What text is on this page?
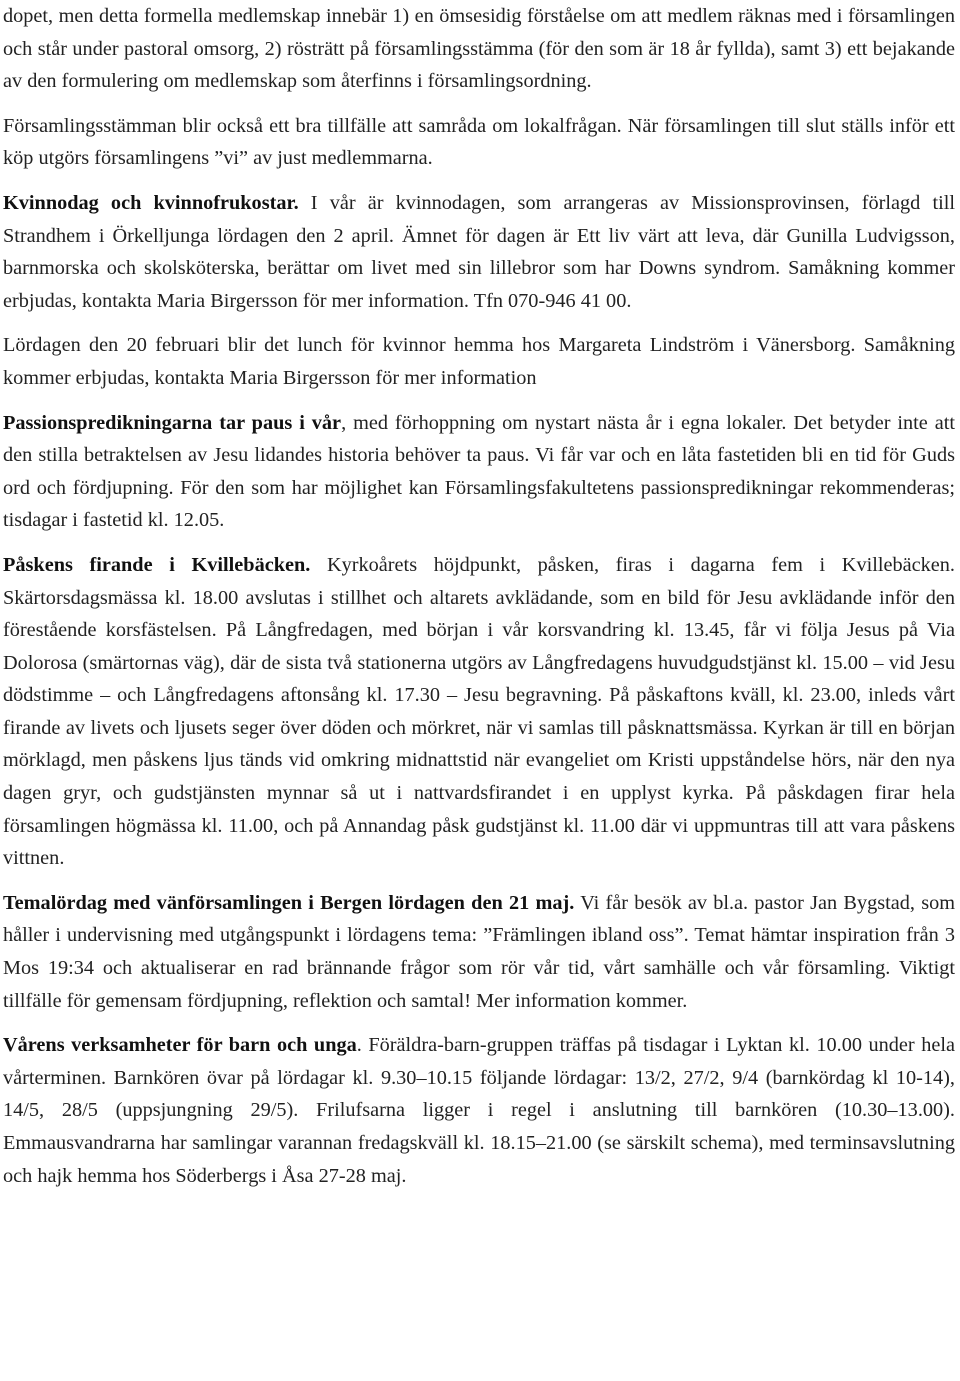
dopet, men detta formella medlemskap innebär 1) en ömsesidig förståelse om att medlem räknas med i församlingen och står under pastoral omsorg, 2) rösträtt på församlingsstämma (för den som är 18 år fyllda), samt 3) ett bejakande av den formulering om medlemskap som återfinns i församlingsordning.

Församlingsstämman blir också ett bra tillfälle att samråda om lokalfrågan. När församlingen till slut ställs inför ett köp utgörs församlingens ”vi” av just medlemmarna.

Kvinnodag och kvinnofrukostar. I vår är kvinnodagen, som arrangeras av Missionsprovinsen, förlagd till Strandhem i Örkelljunga lördagen den 2 april. Ämnet för dagen är Ett liv värt att leva, där Gunilla Ludvigsson, barnmorska och skolsköterska, berättar om livet med sin lillebror som har Downs syndrom. Samåkning kommer erbjudas, kontakta Maria Birgersson för mer information. Tfn 070-946 41 00.

Lördagen den 20 februari blir det lunch för kvinnor hemma hos Margareta Lindström i Vänersborg. Samåkning kommer erbjudas, kontakta Maria Birgersson för mer information

Passionspredikningarna tar paus i vår, med förhoppning om nystart nästa år i egna lokaler. Det betyder inte att den stilla betraktelsen av Jesu lidandes historia behöver ta paus. Vi får var och en låta fastetiden bli en tid för Guds ord och fördjupning. För den som har möjlighet kan Församlingsfakultetens passionspredikningar rekommenderas; tisdagar i fastetid kl. 12.05.

Påskens firande i Kvillebäcken. Kyrkoårets höjdpunkt, påsken, firas i dagarna fem i Kvillebäcken. Skärtorsdagsmässa kl. 18.00 avslutas i stillhet och altarets avklädande, som en bild för Jesu avklädande inför den förestående korsfästelsen. På Långfredagen, med början i vår korsvandring kl. 13.45, får vi följa Jesus på Via Dolorosa (smärtornas väg), där de sista två stationerna utgörs av Långfredagens huvudgudstjänst kl. 15.00 – vid Jesu dödstimme – och Långfredagens aftonsång kl. 17.30 – Jesu begravning. På påskaftons kväll, kl. 23.00, inleds vårt firande av livets och ljusets seger över döden och mörkret, när vi samlas till påsknattsmässa. Kyrkan är till en början mörklagd, men påskens ljus tänds vid omkring midnattstid när evangeliet om Kristi uppståndelse hörs, när den nya dagen gryr, och gudstjänsten mynnar så ut i nattvardsfirandet i en upplyst kyrka. På påskdagen firar hela församlingen högmässa kl. 11.00, och på Annandag påsk gudstjänst kl. 11.00 där vi uppmuntras till att vara påskens vittnen.

Temalördag med vänförsamlingen i Bergen lördagen den 21 maj. Vi får besök av bl.a. pastor Jan Bygstad, som håller i undervisning med utgångspunkt i lördagens tema: ”Främlingen ibland oss”. Temat hämtar inspiration från 3 Mos 19:34 och aktualiserar en rad brännande frågor som rör vår tid, vårt samhälle och vår församling. Viktigt tillfälle för gemensam fördjupning, reflektion och samtal! Mer information kommer.

Vårens verksamheter för barn och unga. Föräldra-barn-gruppen träffas på tisdagar i Lyktan kl. 10.00 under hela vårterminen. Barnkören övar på lördagar kl. 9.30–10.15 följande lördagar: 13/2, 27/2, 9/4 (barnkördag kl 10-14), 14/5, 28/5 (uppsjungning 29/5). Frilufsarna ligger i regel i anslutning till barnkören (10.30–13.00). Emmausvandrarna har samlingar varannan fredagskväll kl. 18.15–21.00 (se särskilt schema), med terminsavslutning och hajk hemma hos Söderbergs i Åsa 27-28 maj.
